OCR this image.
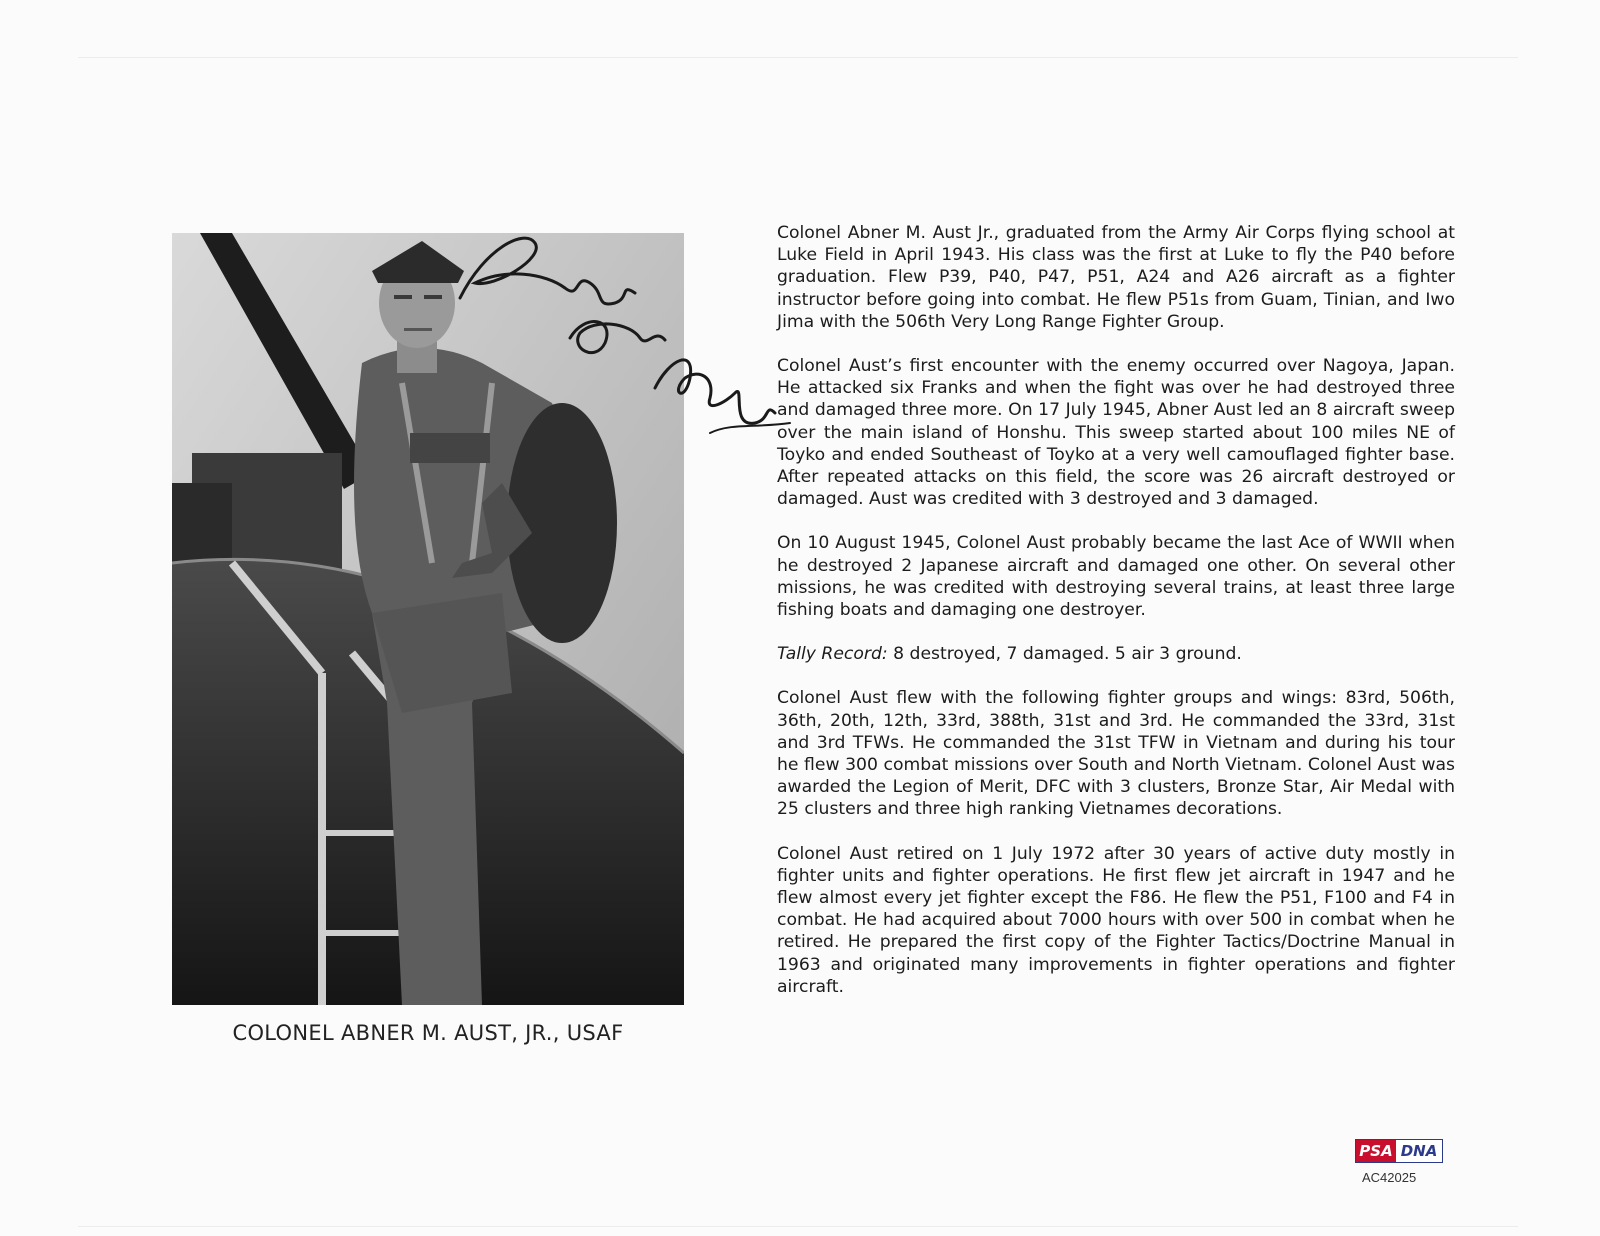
COLONEL ABNER M. AUST, JR., USAF

Colonel Abner M. Aust Jr., graduated from the Army Air Corps flying school at Luke Field in April 1943. His class was the first at Luke to fly the P40 before graduation. Flew P39, P40, P47, P51, A24 and A26 aircraft as a fighter instructor before going into combat. He flew P51s from Guam, Tinian, and Iwo Jima with the 506th Very Long Range Fighter Group.

Colonel Aust’s first encounter with the enemy occurred over Nagoya, Japan. He attacked six Franks and when the fight was over he had destroyed three and damaged three more. On 17 July 1945, Abner Aust led an 8 aircraft sweep over the main island of Honshu. This sweep started about 100 miles NE of Toyko and ended Southeast of Toyko at a very well camouflaged fighter base. After repeated attacks on this field, the score was 26 aircraft destroyed or damaged. Aust was credited with 3 destroyed and 3 damaged.

On 10 August 1945, Colonel Aust probably became the last Ace of WWII when he destroyed 2 Japanese aircraft and damaged one other. On several other missions, he was credited with destroying several trains, at least three large fishing boats and damaging one destroyer.

Tally Record: 8 destroyed, 7 damaged. 5 air 3 ground.

Colonel Aust flew with the following fighter groups and wings: 83rd, 506th, 36th, 20th, 12th, 33rd, 388th, 31st and 3rd. He commanded the 33rd, 31st and 3rd TFWs. He commanded the 31st TFW in Vietnam and during his tour he flew 300 combat missions over South and North Vietnam. Colonel Aust was awarded the Legion of Merit, DFC with 3 clusters, Bronze Star, Air Medal with 25 clusters and three high ranking Vietnames decorations.

Colonel Aust retired on 1 July 1972 after 30 years of active duty mostly in fighter units and fighter operations. He first flew jet aircraft in 1947 and he flew almost every jet fighter except the F86. He flew the P51, F100 and F4 in combat. He had acquired about 7000 hours with over 500 in combat when he retired. He prepared the first copy of the Fighter Tactics/Doctrine Manual in 1963 and originated many improvements in fighter operations and fighter aircraft.

PSA DNA
AC42025
